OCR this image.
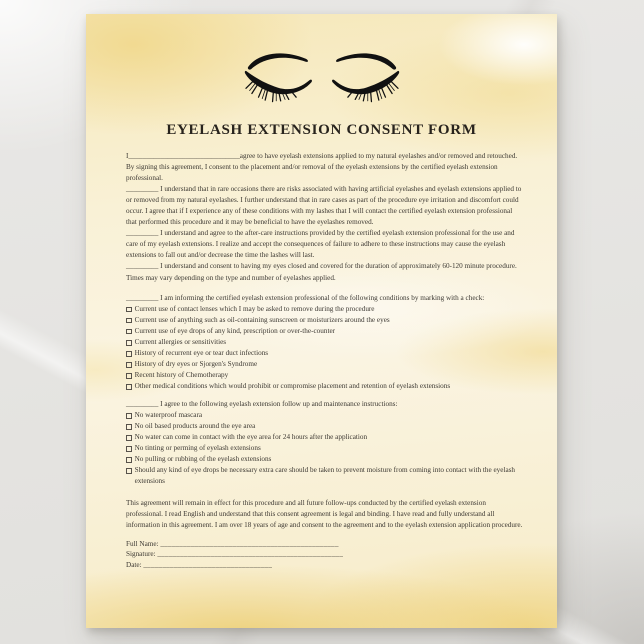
EYELASH EXTENSION CONSENT FORM

I_______________________________agree to have eyelash extensions applied to my natural eyelashes and/or removed and retouched. By signing this agreement, I consent to the placement and/or removal of the eyelash extensions by the certified eyelash extension professional.

_________ I understand that in rare occasions there are risks associated with having artificial eyelashes and eyelash extensions applied to or removed from my natural eyelashes. I further understand that in rare cases as part of the procedure eye irritation and discomfort could occur. I agree that if I experience any of these conditions with my lashes that I will contact the certified eyelash extension professional that performed this procedure and it may be beneficial to have the eyelashes removed.

_________ I understand and agree to the after-care instructions provided by the certified eyelash extension professional for the use and care of my eyelash extensions. I realize and accept the consequences of failure to adhere to these instructions may cause the eyelash extensions to fall out and/or decrease the time the lashes will last.

_________ I understand and consent to having my eyes closed and covered for the duration of approximately 60-120 minute procedure. Times may vary depending on the type and number of eyelashes applied.

_________ I am informing the certified eyelash extension professional of the following conditions by marking with a check:

Current use of contact lenses which I may be asked to remove during the procedure
Current use of anything such as oil-containing sunscreen or moisturizers around the eyes
Current use of eye drops of any kind, prescription or over-the-counter
Current allergies or sensitivities
History of recurrent eye or tear duct infections
History of dry eyes or Sjorgen's Syndrome
Recent history of Chemotherapy
Other medical conditions which would prohibit or compromise placement and retention of eyelash extensions

_________ I agree to the following eyelash extension follow up and maintenance instructions:

No waterproof mascara
No oil based products around the eye area
No water can come in contact with the eye area for 24 hours after the application
No tinting or perming of eyelash extensions
No pulling or rubbing of the eyelash extensions
Should any kind of eye drops be necessary extra care should be taken to prevent moisture from coming into contact with the eyelash extensions

This agreement will remain in effect for this procedure and all future follow-ups conducted by the certified eyelash extension professional. I read English and understand that this consent agreement is legal and binding. I have read and fully understand all information in this agreement. I am over 18 years of age and consent to the agreement and to the eyelash extension application procedure.

Full Name: _______________________________________________
Signature: _________________________________________________
Date: __________________________________
